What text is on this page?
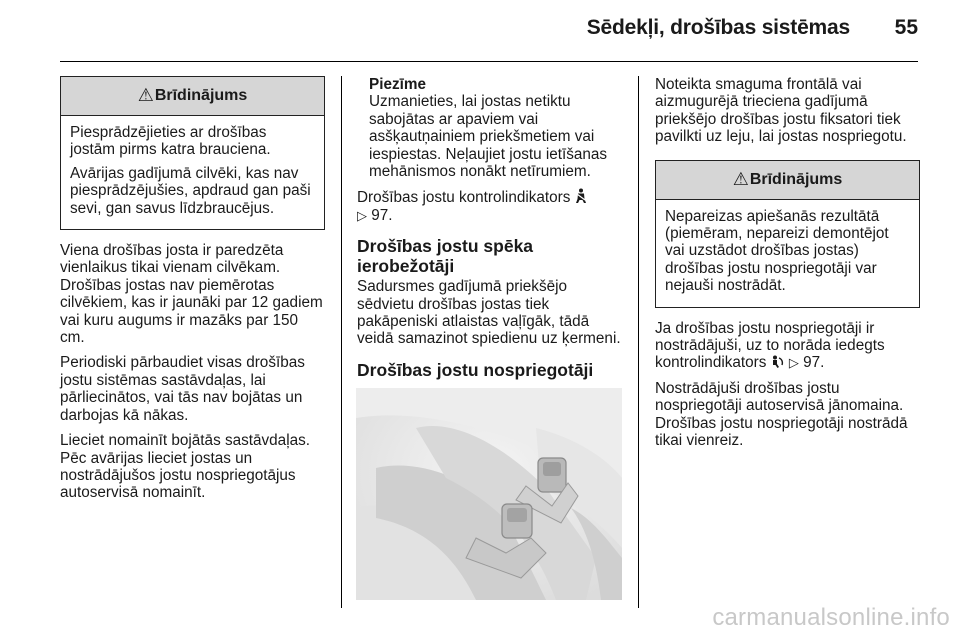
Sēdekļi, drošības sistēmas	55
⚠ Brīdinājums

Piesprādzējieties ar drošības jostām pirms katra brauciena.

Avārijas gadījumā cilvēki, kas nav piesprādzējušies, apdraud gan paši sevi, gan savus līdzbraucējus.

Viena drošības josta ir paredzēta vienlaikus tikai vienam cilvēkam. Drošības jostas nav piemērotas cilvēkiem, kas ir jaunāki par 12 gadiem vai kuru augums ir mazāks par 150 cm.

Periodiski pārbaudiet visas drošības jostu sistēmas sastāvdaļas, lai pārliecinātos, vai tās nav bojātas un darbojas kā nākas.

Lieciet nomainīt bojātās sastāvdaļas. Pēc avārijas lieciet jostas un nostrādājušos jostu nospriegotājus autoservisā nomainīt.

Piezīme

Uzmanieties, lai jostas netiktu sabojātas ar apaviem vai asšķautņainiem priekšmetiem vai iespiestas. Neļaujiet jostu ietīšanas mehānismos nonākt netīrumiem.

Drošības jostu kontrolindikators
▷ 97.

Drošības jostu spēka ierobežotāji

Sadursmes gadījumā priekšējo sēdvietu drošības jostas tiek pakāpeniski atlaistas vaļīgāk, tādā veidā samazinot spiedienu uz ķermeni.

Drošības jostu nospriegotāji

Noteikta smaguma frontālā vai aizmugurējā trieciena gadījumā priekšējo drošības jostu fiksatori tiek pavilkti uz leju, lai jostas nospriegotu.

⚠ Brīdinājums

Nepareizas apiešanās rezultātā (piemēram, nepareizi demontējot vai uzstādot drošības jostas) drošības jostu nospriegotāji var nejauši nostrādāt.

Ja drošības jostu nospriegotāji ir nostrādājuši, uz to norāda iedegts kontrolindikators ▷ 97.

Nostrādājuši drošības jostu nospriegotāji autoservisā jānomaina. Drošības jostu nospriegotāji nostrādā tikai vienreiz.

carmanualsonline.info
